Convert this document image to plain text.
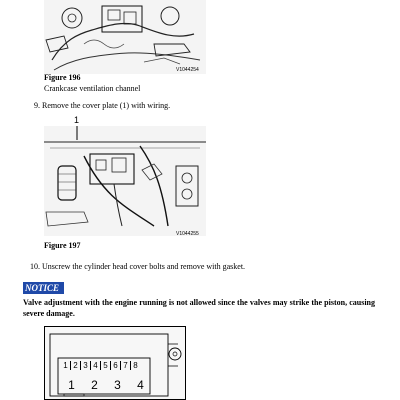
V1044254
Figure 196
Crankcase ventilation channel
9. Remove the cover plate (1) with wiring.
1
V1044255
Figure 197
10. Unscrew the cylinder head cover bolts and remove with gasket.
NOTICE
Valve adjustment with the engine running is not allowed since the valves may strike the piston, causing severe damage.
1 2 3 4 5 6 7 8
1	2	3	4
